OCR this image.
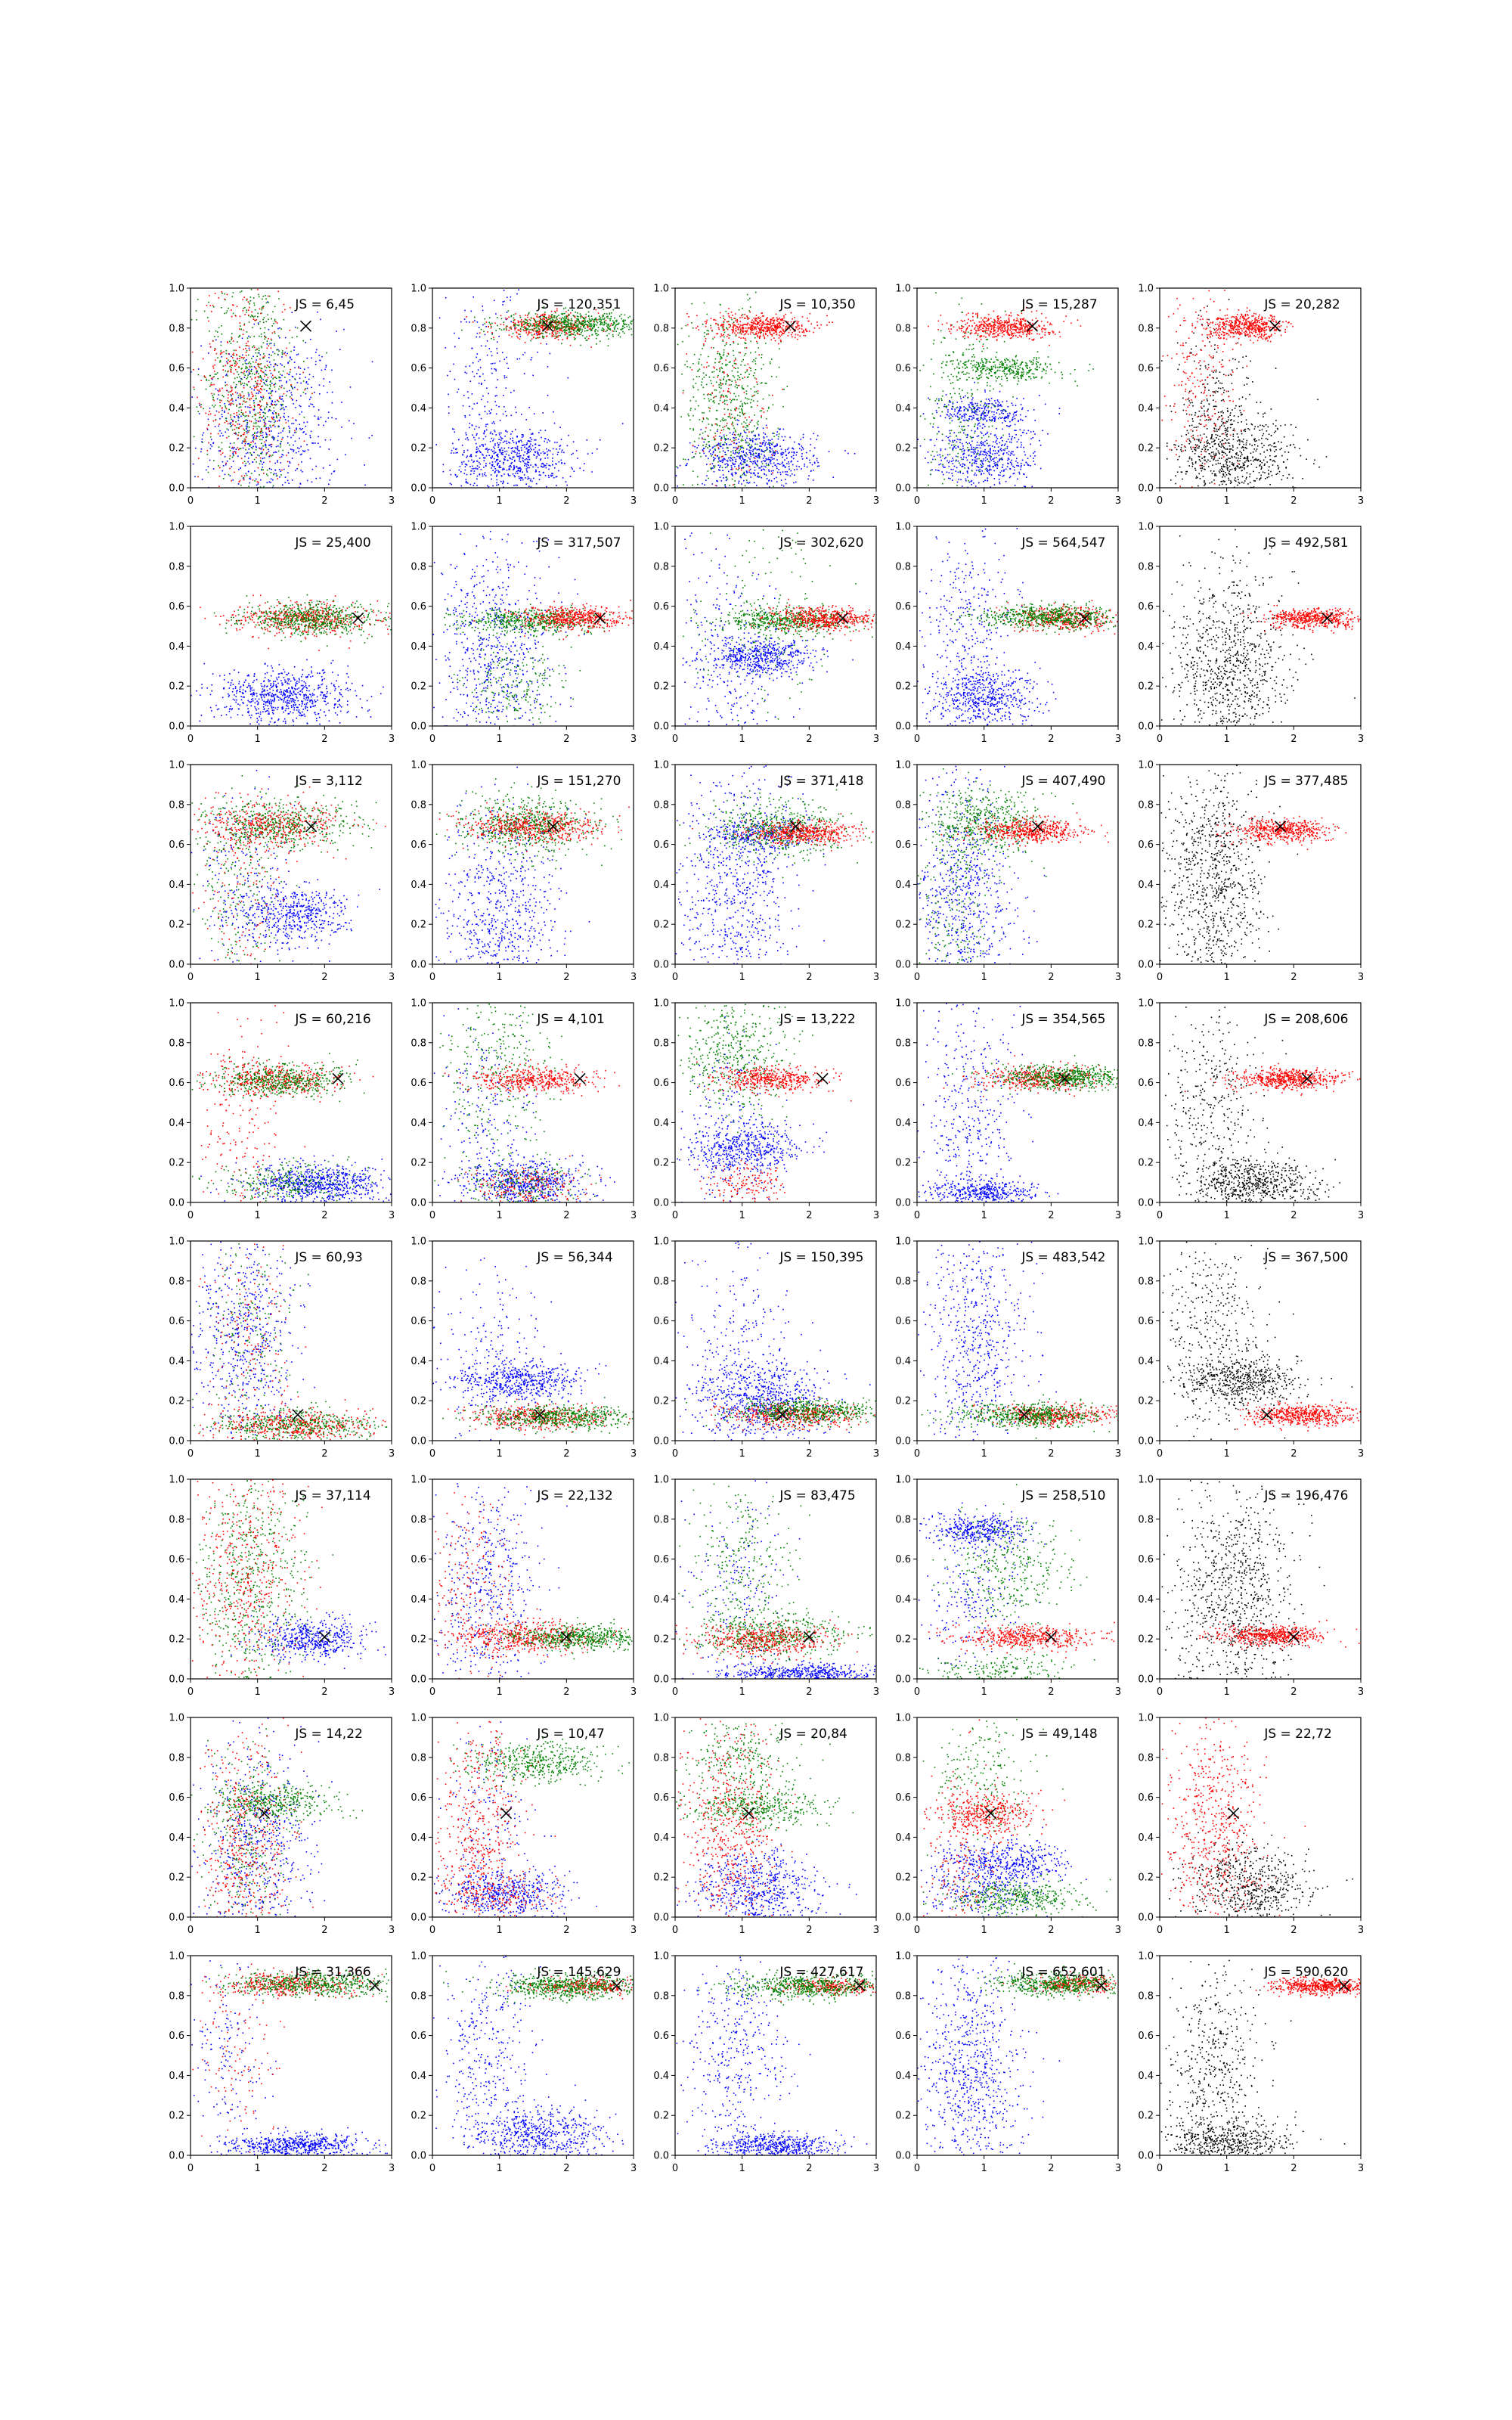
0	1	2	3
0.0
0.2
0.4
0.6
0.8
1.0
JS = 6,45
0	1	2	3
0.0
0.2
0.4
0.6
0.8
1.0
JS = 120,351
0	1	2	3
0.0
0.2
0.4
0.6
0.8
1.0
JS = 10,350
0	1	2	3
0.0
0.2
0.4
0.6
0.8
1.0
JS = 15,287
0	1	2	3
0.0
0.2
0.4
0.6
0.8
1.0
JS = 20,282
0	1	2	3
0.0
0.2
0.4
0.6
0.8
1.0
JS = 25,400
0	1	2	3
0.0
0.2
0.4
0.6
0.8
1.0
JS = 317,507
0	1	2	3
0.0
0.2
0.4
0.6
0.8
1.0
JS = 302,620
0	1	2	3
0.0
0.2
0.4
0.6
0.8
1.0
JS = 564,547
0	1	2	3
0.0
0.2
0.4
0.6
0.8
1.0
JS = 492,581
0	1	2	3
0.0
0.2
0.4
0.6
0.8
1.0
JS = 3,112
0	1	2	3
0.0
0.2
0.4
0.6
0.8
1.0
JS = 151,270
0	1	2	3
0.0
0.2
0.4
0.6
0.8
1.0
JS = 371,418
0	1	2	3
0.0
0.2
0.4
0.6
0.8
1.0
JS = 407,490
0	1	2	3
0.0
0.2
0.4
0.6
0.8
1.0
JS = 377,485
0	1	2	3
0.0
0.2
0.4
0.6
0.8
1.0
JS = 60,216
0	1	2	3
0.0
0.2
0.4
0.6
0.8
1.0
JS = 4,101
0	1	2	3
0.0
0.2
0.4
0.6
0.8
1.0
JS = 13,222
0	1	2	3
0.0
0.2
0.4
0.6
0.8
1.0
JS = 354,565
0	1	2	3
0.0
0.2
0.4
0.6
0.8
1.0
JS = 208,606
0	1	2	3
0.0
0.2
0.4
0.6
0.8
1.0
JS = 60,93
0	1	2	3
0.0
0.2
0.4
0.6
0.8
1.0
JS = 56,344
0	1	2	3
0.0
0.2
0.4
0.6
0.8
1.0
JS = 150,395
0	1	2	3
0.0
0.2
0.4
0.6
0.8
1.0
JS = 483,542
0	1	2	3
0.0
0.2
0.4
0.6
0.8
1.0
JS = 367,500
0	1	2	3
0.0
0.2
0.4
0.6
0.8
1.0
JS = 37,114
0	1	2	3
0.0
0.2
0.4
0.6
0.8
1.0
JS = 22,132
0	1	2	3
0.0
0.2
0.4
0.6
0.8
1.0
JS = 83,475
0	1	2	3
0.0
0.2
0.4
0.6
0.8
1.0
JS = 258,510
0	1	2	3
0.0
0.2
0.4
0.6
0.8
1.0
JS = 196,476
0	1	2	3
0.0
0.2
0.4
0.6
0.8
1.0
JS = 14,22
0	1	2	3
0.0
0.2
0.4
0.6
0.8
1.0
JS = 10,47
0	1	2	3
0.0
0.2
0.4
0.6
0.8
1.0
JS = 20,84
0	1	2	3
0.0
0.2
0.4
0.6
0.8
1.0
JS = 49,148
0	1	2	3
0.0
0.2
0.4
0.6
0.8
1.0
JS = 22,72
0	1	2	3
0.0
0.2
0.4
0.6
0.8
1.0
JS = 31,366
0	1	2	3
0.0
0.2
0.4
0.6
0.8
1.0
JS = 145,629
0	1	2	3
0.0
0.2
0.4
0.6
0.8
1.0
JS = 427,617
0	1	2	3
0.0
0.2
0.4
0.6
0.8
1.0
JS = 652,601
0	1	2	3
0.0
0.2
0.4
0.6
0.8
1.0
JS = 590,620
